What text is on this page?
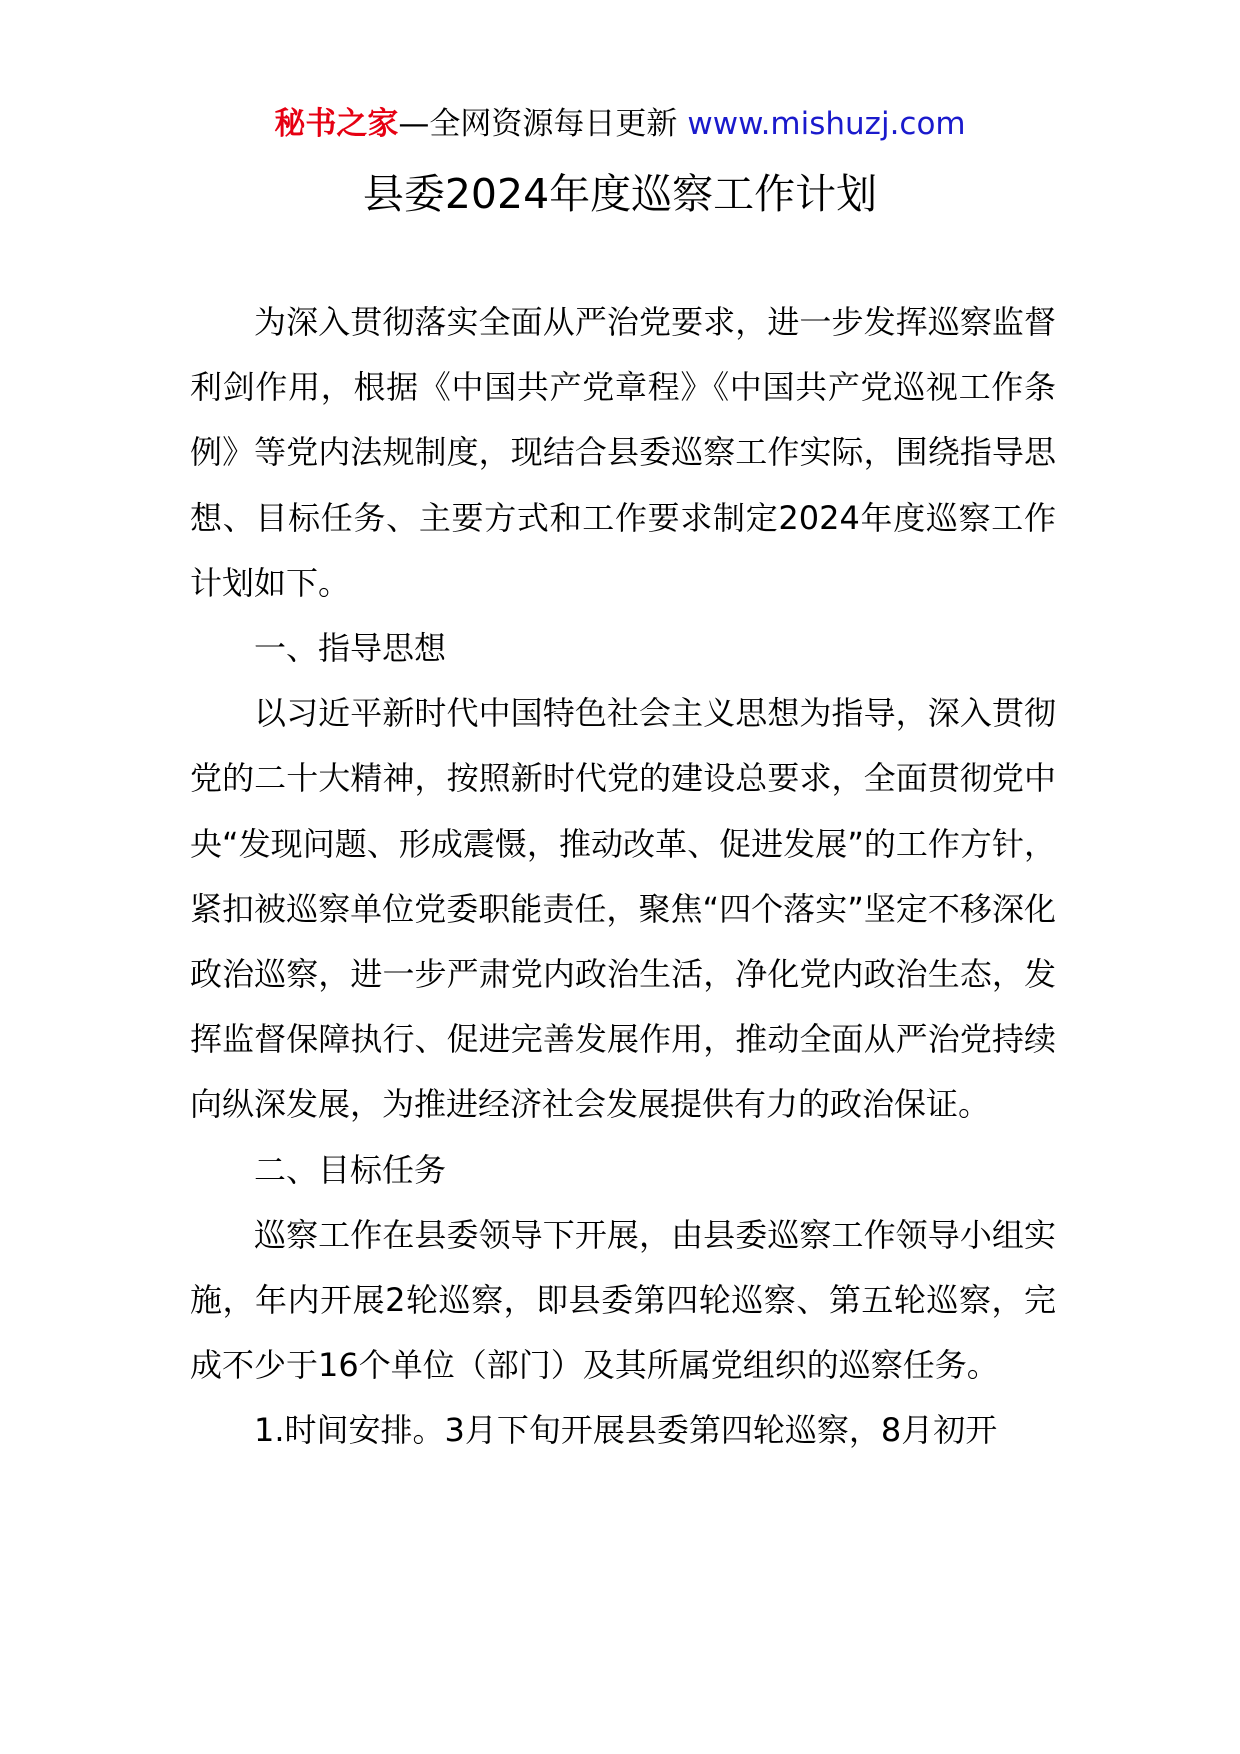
秘书之家—全网资源每日更新 www.mishuzj.com
县委2024年度巡察工作计划

为深入贯彻落实全面从严治党要求，进一步发挥巡察监督利剑作用，根据《中国共产党章程》《中国共产党巡视工作条例》等党内法规制度，现结合县委巡察工作实际，围绕指导思想、目标任务、主要方式和工作要求制定2024年度巡察工作计划如下。

一、指导思想

以习近平新时代中国特色社会主义思想为指导，深入贯彻党的二十大精神，按照新时代党的建设总要求，全面贯彻党中央“发现问题、形成震慑，推动改革、促进发展”的工作方针，紧扣被巡察单位党委职能责任，聚焦“四个落实”坚定不移深化政治巡察，进一步严肃党内政治生活，净化党内政治生态，发挥监督保障执行、促进完善发展作用，推动全面从严治党持续向纵深发展，为推进经济社会发展提供有力的政治保证。

二、目标任务

巡察工作在县委领导下开展，由县委巡察工作领导小组实施，年内开展2轮巡察，即县委第四轮巡察、第五轮巡察，完成不少于16个单位（部门）及其所属党组织的巡察任务。

1.时间安排。3月下旬开展县委第四轮巡察，8月初开
